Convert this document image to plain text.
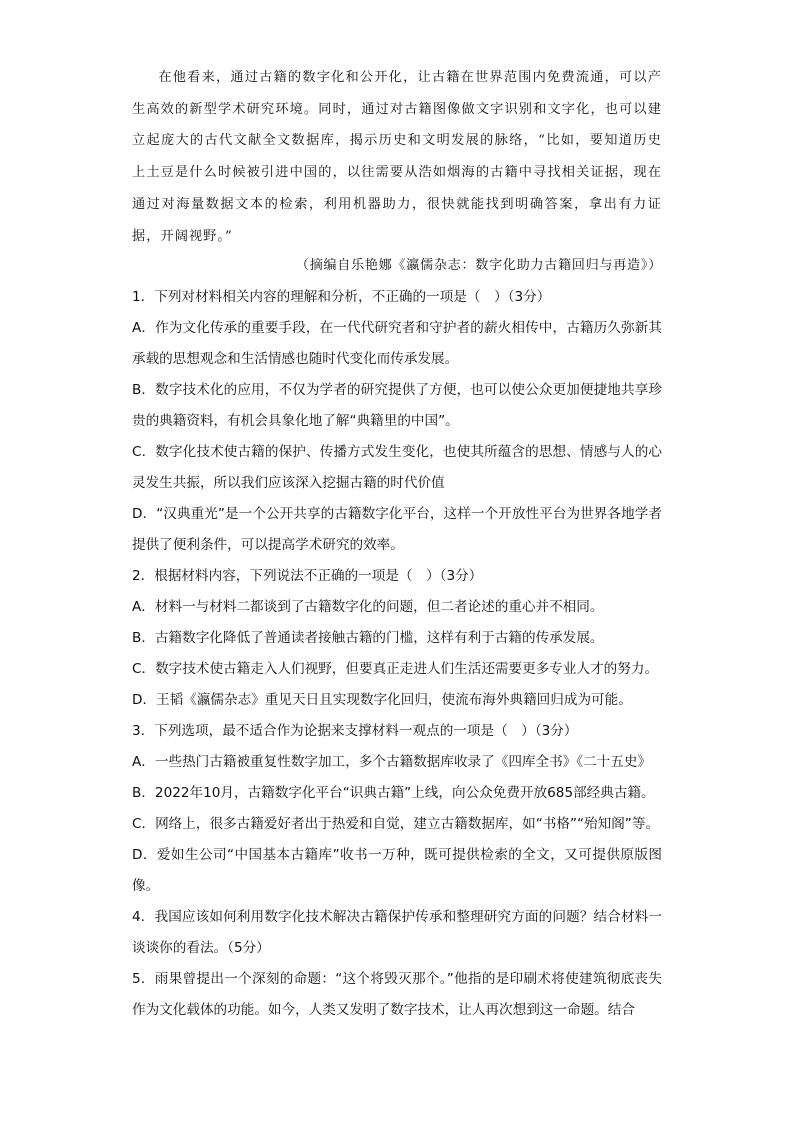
在他看来，通过古籍的数字化和公开化，让古籍在世界范围内免费流通，可以产生高效的新型学术研究环境。同时，通过对古籍图像做文字识别和文字化，也可以建立起庞大的古代文献全文数据库，揭示历史和文明发展的脉络，“比如，要知道历史上土豆是什么时候被引进中国的，以往需要从浩如烟海的古籍中寻找相关证据，现在通过对海量数据文本的检索，利用机器助力，很快就能找到明确答案，拿出有力证据，开阔视野。”

（摘编自乐艳娜《瀛儒杂志：数字化助力古籍回归与再造》）

1．下列对材料相关内容的理解和分析，不正确的一项是（　）（3分）

A．作为文化传承的重要手段，在一代代研究者和守护者的薪火相传中，古籍历久弥新其承载的思想观念和生活情感也随时代变化而传承发展。

B．数字技术化的应用，不仅为学者的研究提供了方便，也可以使公众更加便捷地共享珍贵的典籍资料，有机会具象化地了解“典籍里的中国”。

C．数字化技术使古籍的保护、传播方式发生变化，也使其所蕴含的思想、情感与人的心灵发生共振，所以我们应该深入挖掘古籍的时代价值

D．“汉典重光”是一个公开共享的古籍数字化平台，这样一个开放性平台为世界各地学者提供了便利条件，可以提高学术研究的效率。

2．根据材料内容，下列说法不正确的一项是（　）（3分）

A．材料一与材料二都谈到了古籍数字化的问题，但二者论述的重心并不相同。

B．古籍数字化降低了普通读者接触古籍的门槛，这样有利于古籍的传承发展。

C．数字技术使古籍走入人们视野，但要真正走进人们生活还需要更多专业人才的努力。

D．王韬《瀛儒杂志》重见天日且实现数字化回归，使流布海外典籍回归成为可能。

3．下列选项，最不适合作为论据来支撑材料一观点的一项是（　）（3分）

A．一些热门古籍被重复性数字加工，多个古籍数据库收录了《四库全书》《二十五史》

B．2022年10月，古籍数字化平台“识典古籍”上线，向公众免费开放685部经典古籍。

C．网络上，很多古籍爱好者出于热爱和自觉，建立古籍数据库，如“书格”“殆知阁”等。

D．爱如生公司“中国基本古籍库”收书一万种，既可提供检索的全文，又可提供原版图像。

4．我国应该如何利用数字化技术解决古籍保护传承和整理研究方面的问题？结合材料一谈谈你的看法。（5分）

5．雨果曾提出一个深刻的命题：“这个将毁灭那个。”他指的是印刷术将使建筑彻底丧失作为文化载体的功能。如今，人类又发明了数字技术，让人再次想到这一命题。结合
